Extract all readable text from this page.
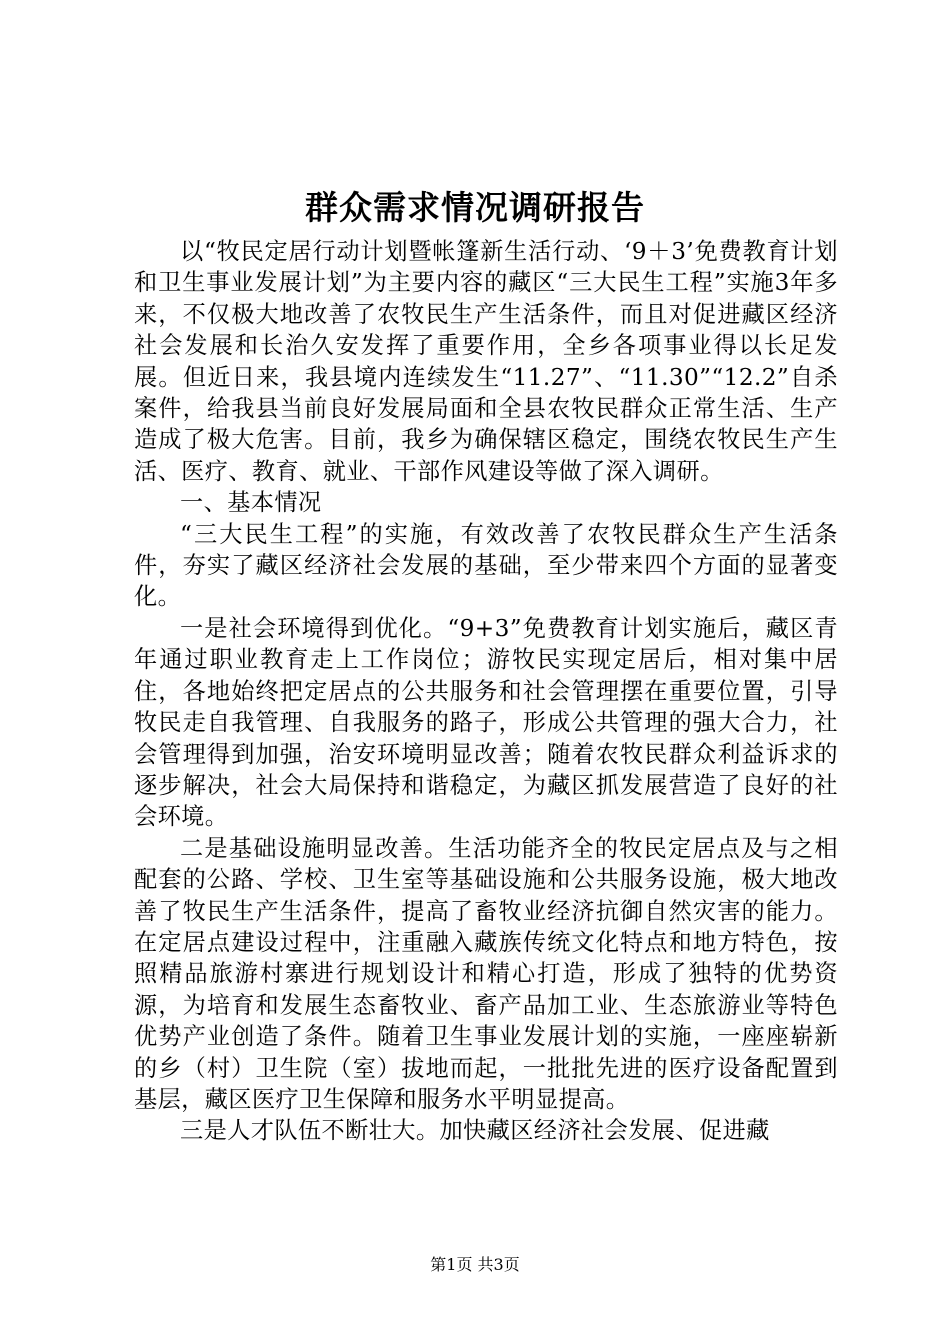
群众需求情况调研报告

以“牧民定居行动计划暨帐篷新生活行动、‘9＋3’免费教育计划和卫生事业发展计划”为主要内容的藏区“三大民生工程”实施3年多来，不仅极大地改善了农牧民生产生活条件，而且对促进藏区经济社会发展和长治久安发挥了重要作用，全乡各项事业得以长足发展。但近日来，我县境内连续发生“11.27”、“11.30”“12.2”自杀案件，给我县当前良好发展局面和全县农牧民群众正常生活、生产造成了极大危害。目前，我乡为确保辖区稳定，围绕农牧民生产生活、医疗、教育、就业、干部作风建设等做了深入调研。

一、基本情况

“三大民生工程”的实施，有效改善了农牧民群众生产生活条件，夯实了藏区经济社会发展的基础，至少带来四个方面的显著变化。

一是社会环境得到优化。“9+3”免费教育计划实施后，藏区青年通过职业教育走上工作岗位；游牧民实现定居后，相对集中居住，各地始终把定居点的公共服务和社会管理摆在重要位置，引导牧民走自我管理、自我服务的路子，形成公共管理的强大合力，社会管理得到加强，治安环境明显改善；随着农牧民群众利益诉求的逐步解决，社会大局保持和谐稳定，为藏区抓发展营造了良好的社会环境。

二是基础设施明显改善。生活功能齐全的牧民定居点及与之相配套的公路、学校、卫生室等基础设施和公共服务设施，极大地改善了牧民生产生活条件，提高了畜牧业经济抗御自然灾害的能力。在定居点建设过程中，注重融入藏族传统文化特点和地方特色，按照精品旅游村寨进行规划设计和精心打造，形成了独特的优势资源，为培育和发展生态畜牧业、畜产品加工业、生态旅游业等特色优势产业创造了条件。随着卫生事业发展计划的实施，一座座崭新的乡（村）卫生院（室）拔地而起，一批批先进的医疗设备配置到基层，藏区医疗卫生保障和服务水平明显提高。

三是人才队伍不断壮大。加快藏区经济社会发展、促进藏

第1页 共3页
